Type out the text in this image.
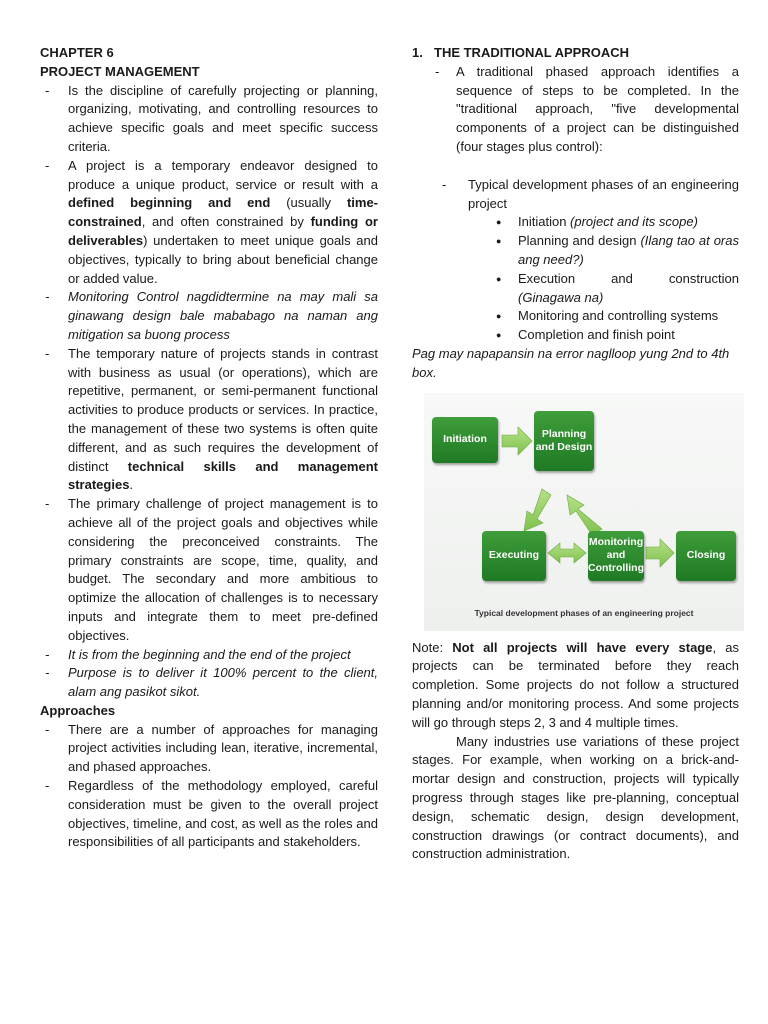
CHAPTER 6
PROJECT MANAGEMENT
- Is the discipline of carefully projecting or planning, organizing, motivating, and controlling resources to achieve specific goals and meet specific success criteria.
- A project is a temporary endeavor designed to produce a unique product, service or result with a defined beginning and end (usually time-constrained, and often constrained by funding or deliverables) undertaken to meet unique goals and objectives, typically to bring about beneficial change or added value.
- Monitoring Control nagdidtermine na may mali sa ginawang design bale mababago na naman ang mitigation sa buong process
- The temporary nature of projects stands in contrast with business as usual (or operations), which are repetitive, permanent, or semi-permanent functional activities to produce products or services. In practice, the management of these two systems is often quite different, and as such requires the development of distinct technical skills and management strategies.
- The primary challenge of project management is to achieve all of the project goals and objectives while considering the preconceived constraints. The primary constraints are scope, time, quality, and budget. The secondary and more ambitious to optimize the allocation of challenges is to necessary inputs and integrate them to meet pre-defined objectives.
- It is from the beginning and the end of the project
- Purpose is to deliver it 100% percent to the client, alam ang pasikot sikot.
Approaches
- There are a number of approaches for managing project activities including lean, iterative, incremental, and phased approaches.
- Regardless of the methodology employed, careful consideration must be given to the overall project objectives, timeline, and cost, as well as the roles and responsibilities of all participants and stakeholders.
1. THE TRADITIONAL APPROACH
- A traditional phased approach identifies a sequence of steps to be completed. In the "traditional approach, "five developmental components of a project can be distinguished (four stages plus control):
- Typical development phases of an engineering project
● Initiation (project and its scope)
● Planning and design (Ilang tao at oras ang need?)
● Execution and construction (Ginagawa na)
● Monitoring and controlling systems
● Completion and finish point
Pag may napapansin na error naglloop yung 2nd to 4th box.
Initiation	Planning and Design
Executing
Monitoring and Controlling
Closing
Typical development phases of an engineering project
Note: Not all projects will have every stage, as projects can be terminated before they reach completion. Some projects do not follow a structured planning and/or monitoring process. And some projects will go through steps 2, 3 and 4 multiple times.
Many industries use variations of these project stages. For example, when working on a brick-and-mortar design and construction, projects will typically progress through stages like pre-planning, conceptual design, schematic design, design development, construction drawings (or contract documents), and construction administration.
